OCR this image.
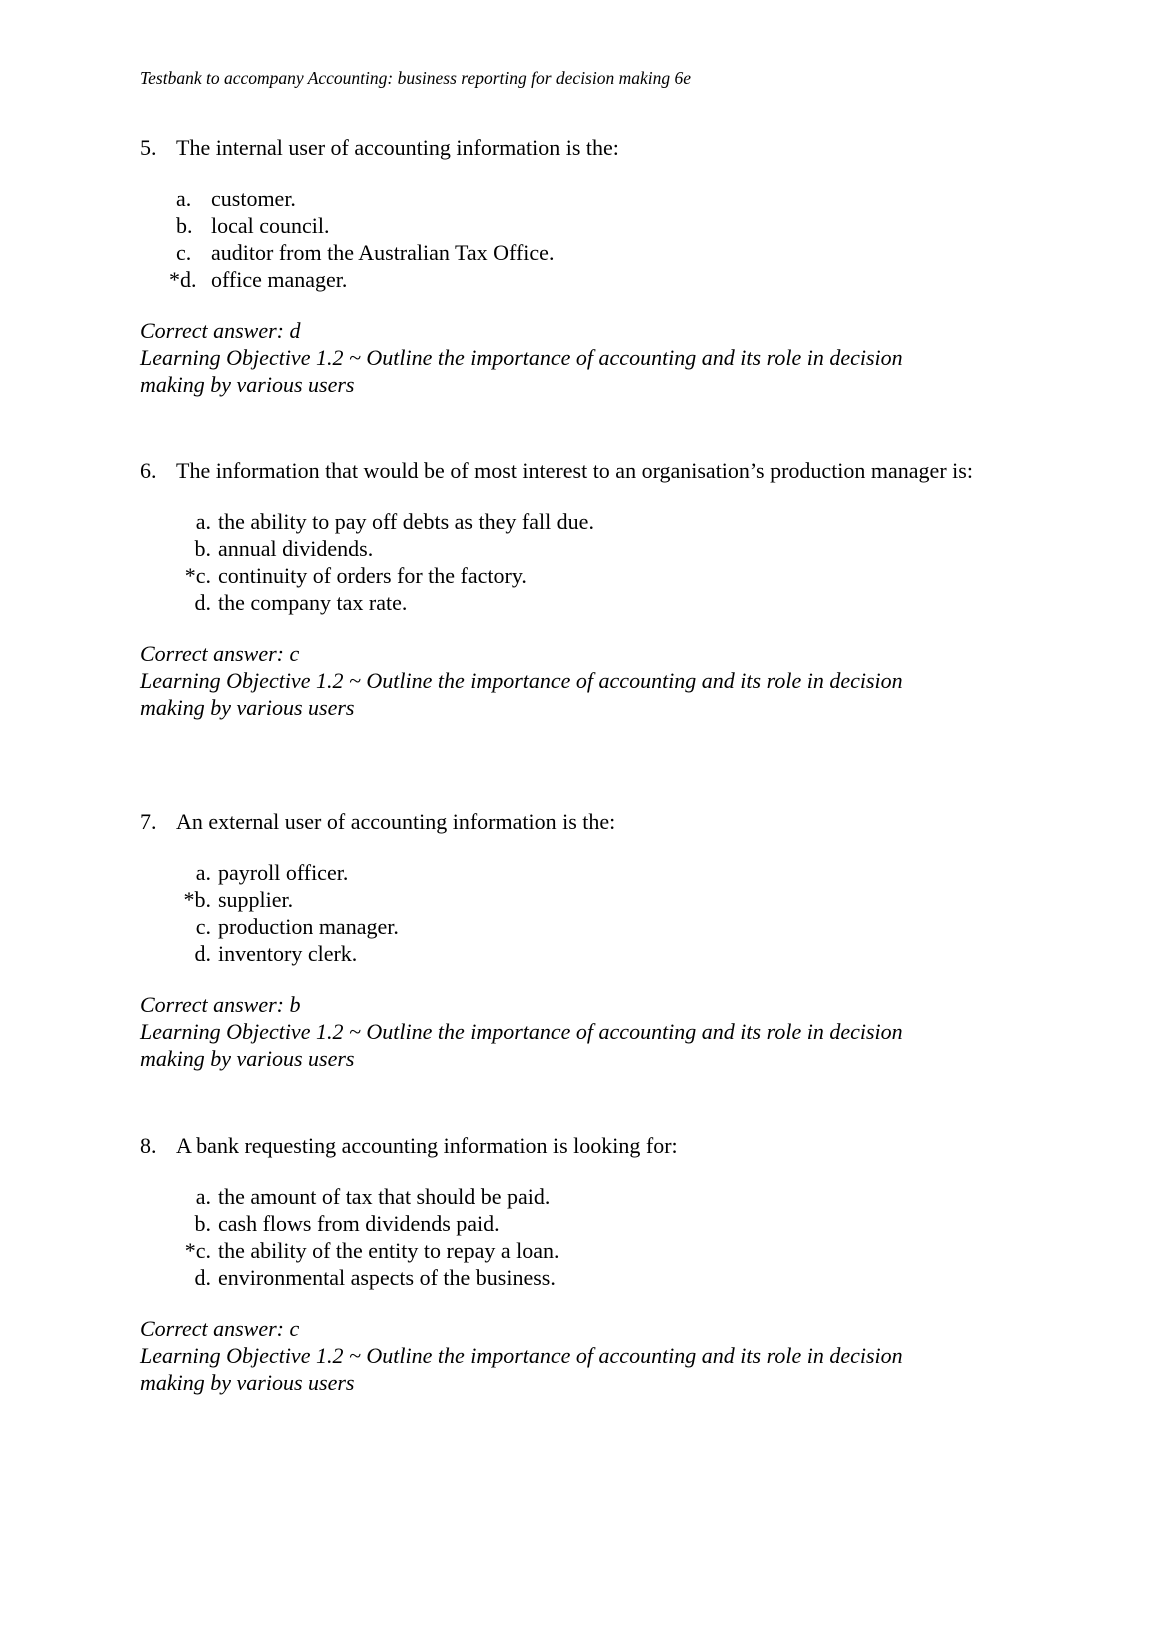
Testbank to accompany Accounting: business reporting for decision making 6e
5. The internal user of accounting information is the:
a. customer.
b. local council.
c. auditor from the Australian Tax Office.
*d. office manager.
Correct answer: d
Learning Objective 1.2 ~ Outline the importance of accounting and its role in decision making by various users
6. The information that would be of most interest to an organisation’s production manager is:
a. the ability to pay off debts as they fall due.
b. annual dividends.
*c. continuity of orders for the factory.
d. the company tax rate.
Correct answer: c
Learning Objective 1.2 ~ Outline the importance of accounting and its role in decision making by various users
7. An external user of accounting information is the:
a. payroll officer.
*b. supplier.
c. production manager.
d. inventory clerk.
Correct answer: b
Learning Objective 1.2 ~ Outline the importance of accounting and its role in decision making by various users
8. A bank requesting accounting information is looking for:
a. the amount of tax that should be paid.
b. cash flows from dividends paid.
*c. the ability of the entity to repay a loan.
d. environmental aspects of the business.
Correct answer: c
Learning Objective 1.2 ~ Outline the importance of accounting and its role in decision making by various users
